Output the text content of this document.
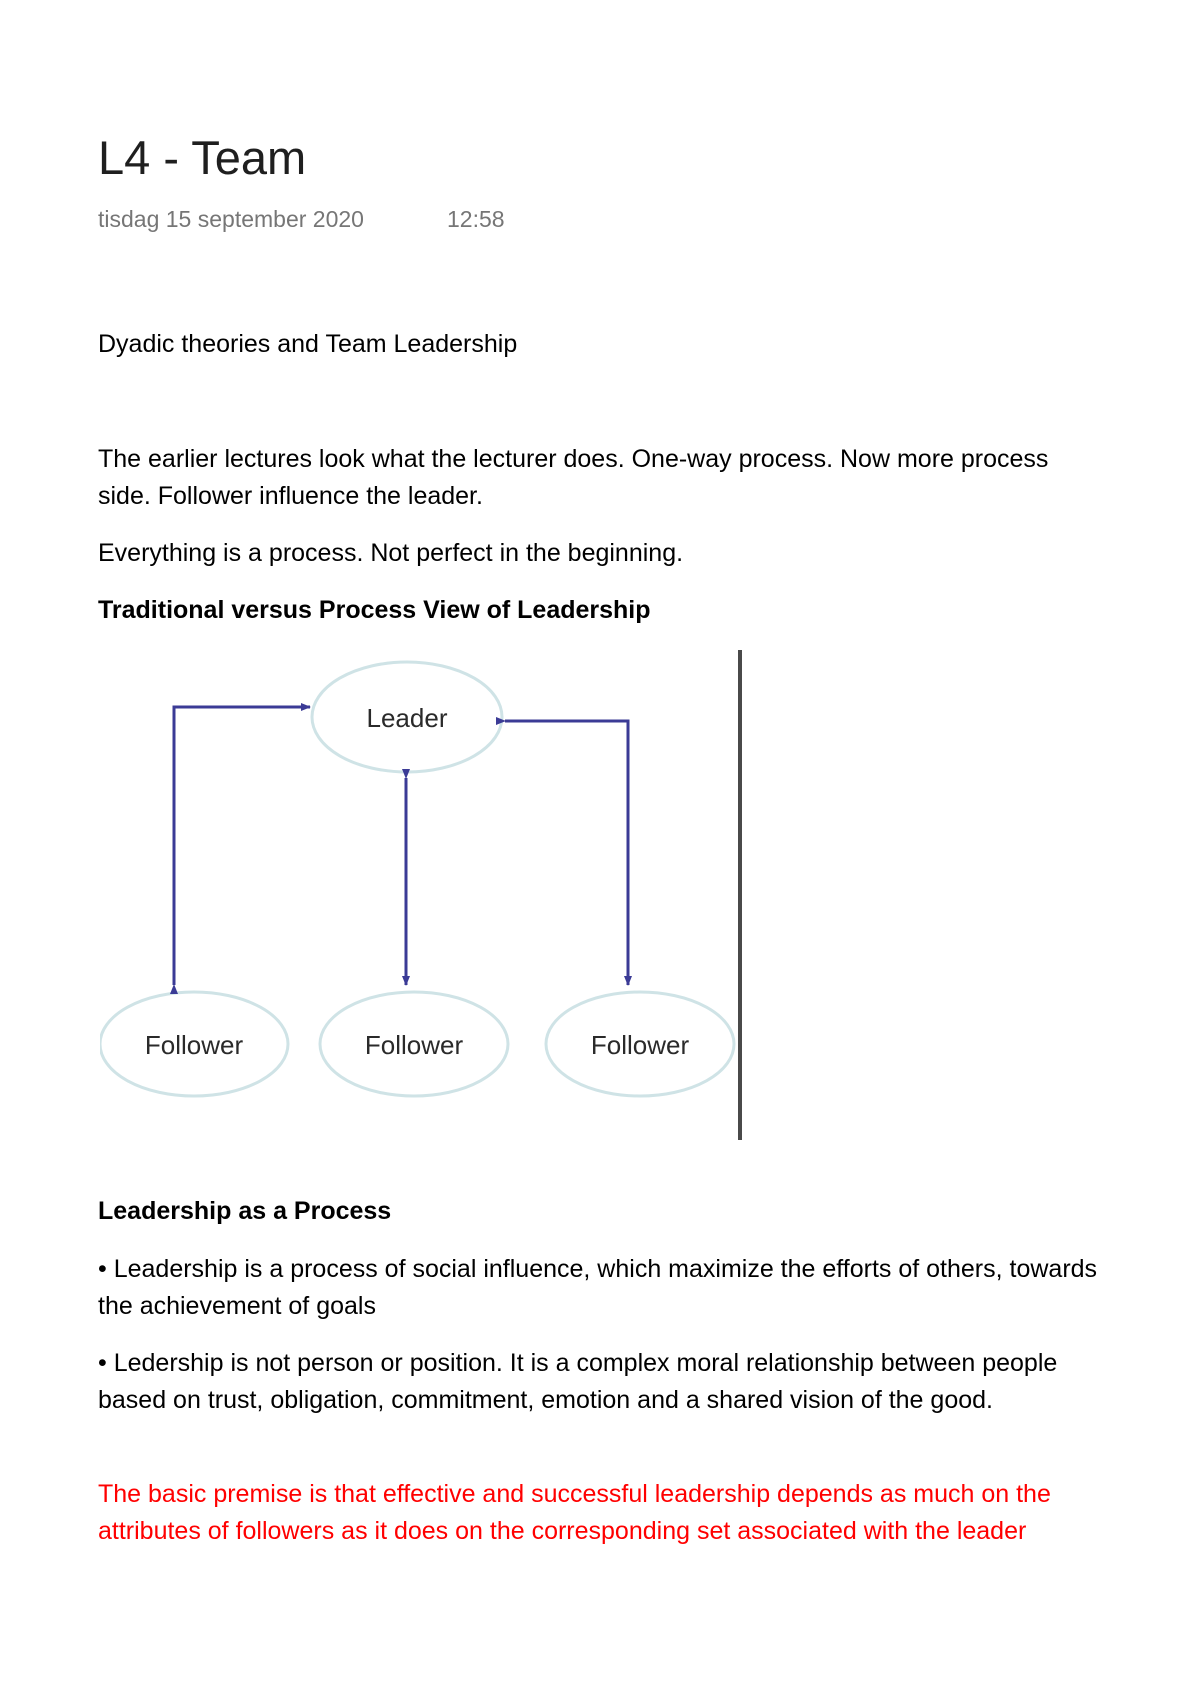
L4 - Team
tisdag 15 september 2020	12:58

Dyadic theories and Team Leadership

The earlier lectures look what the lecturer does. One-way process. Now more process side. Follower influence the leader.

Everything is a process. Not perfect in the beginning.

Traditional versus Process View of Leadership
Leader
Follower	Follower	Follower
Leadership as a Process

• Leadership is a process of social influence, which maximize the efforts of others, towards the achievement of goals

• Ledership is not person or position. It is a complex moral relationship between people based on trust, obligation, commitment, emotion and a shared vision of the good.

The basic premise is that effective and successful leadership depends as much on the attributes of followers as it does on the corresponding set associated with the leader
